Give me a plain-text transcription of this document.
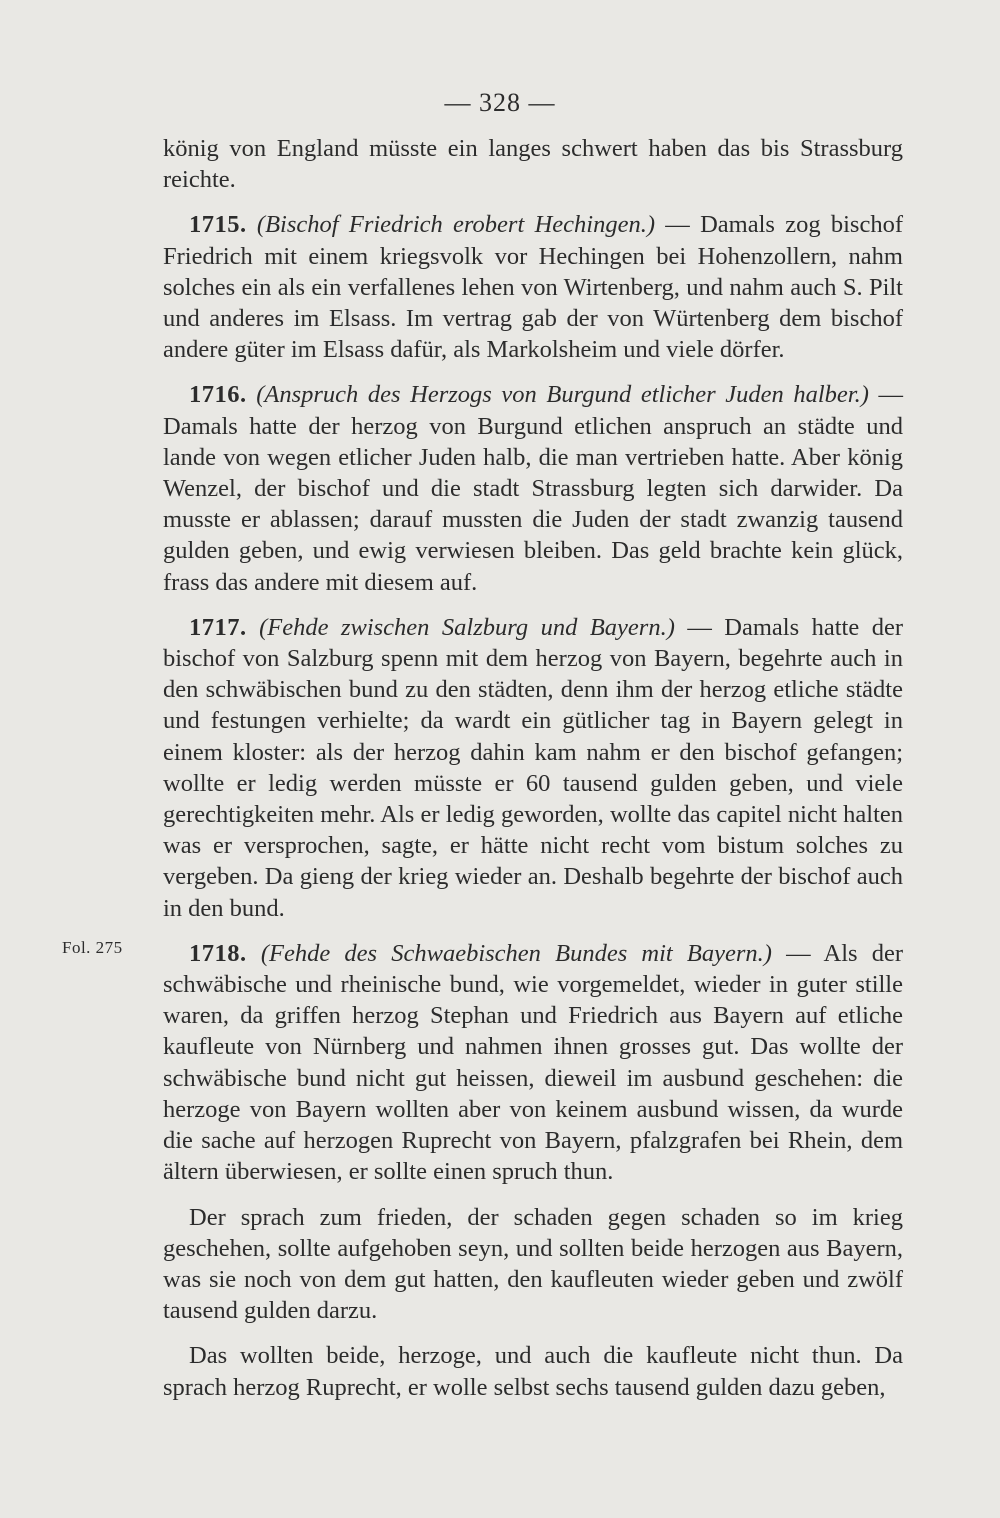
— 328 —
Fol. 275

könig von England müsste ein langes schwert haben das bis Strassburg reichte.

1715. (Bischof Friedrich erobert Hechingen.) — Damals zog bischof Friedrich mit einem kriegsvolk vor Hechingen bei Hohenzollern, nahm solches ein als ein verfallenes lehen von Wirtenberg, und nahm auch S. Pilt und anderes im Elsass. Im vertrag gab der von Würtenberg dem bischof andere güter im Elsass dafür, als Markolsheim und viele dörfer.

1716. (Anspruch des Herzogs von Burgund etlicher Juden halber.) — Damals hatte der herzog von Burgund etlichen anspruch an städte und lande von wegen etlicher Juden halb, die man vertrieben hatte. Aber könig Wenzel, der bischof und die stadt Strassburg legten sich darwider. Da musste er ablassen; darauf mussten die Juden der stadt zwanzig tausend gulden geben, und ewig verwiesen bleiben. Das geld brachte kein glück, frass das andere mit diesem auf.

1717. (Fehde zwischen Salzburg und Bayern.) — Damals hatte der bischof von Salzburg spenn mit dem herzog von Bayern, begehrte auch in den schwäbischen bund zu den städten, denn ihm der herzog etliche städte und festungen verhielte; da wardt ein gütlicher tag in Bayern gelegt in einem kloster: als der herzog dahin kam nahm er den bischof gefangen; wollte er ledig werden müsste er 60 tausend gulden geben, und viele gerechtigkeiten mehr. Als er ledig geworden, wollte das capitel nicht halten was er versprochen, sagte, er hätte nicht recht vom bistum solches zu vergeben. Da gieng der krieg wieder an. Deshalb begehrte der bischof auch in den bund.

1718. (Fehde des Schwaebischen Bundes mit Bayern.) — Als der schwäbische und rheinische bund, wie vorgemeldet, wieder in guter stille waren, da griffen herzog Stephan und Friedrich aus Bayern auf etliche kaufleute von Nürnberg und nahmen ihnen grosses gut. Das wollte der schwäbische bund nicht gut heissen, dieweil im ausbund geschehen: die herzoge von Bayern wollten aber von keinem ausbund wissen, da wurde die sache auf herzogen Ruprecht von Bayern, pfalzgrafen bei Rhein, dem ältern überwiesen, er sollte einen spruch thun.

Der sprach zum frieden, der schaden gegen schaden so im krieg geschehen, sollte aufgehoben seyn, und sollten beide herzogen aus Bayern, was sie noch von dem gut hatten, den kaufleuten wieder geben und zwölf tausend gulden darzu.

Das wollten beide, herzoge, und auch die kaufleute nicht thun. Da sprach herzog Ruprecht, er wolle selbst sechs tausend gulden dazu geben,
